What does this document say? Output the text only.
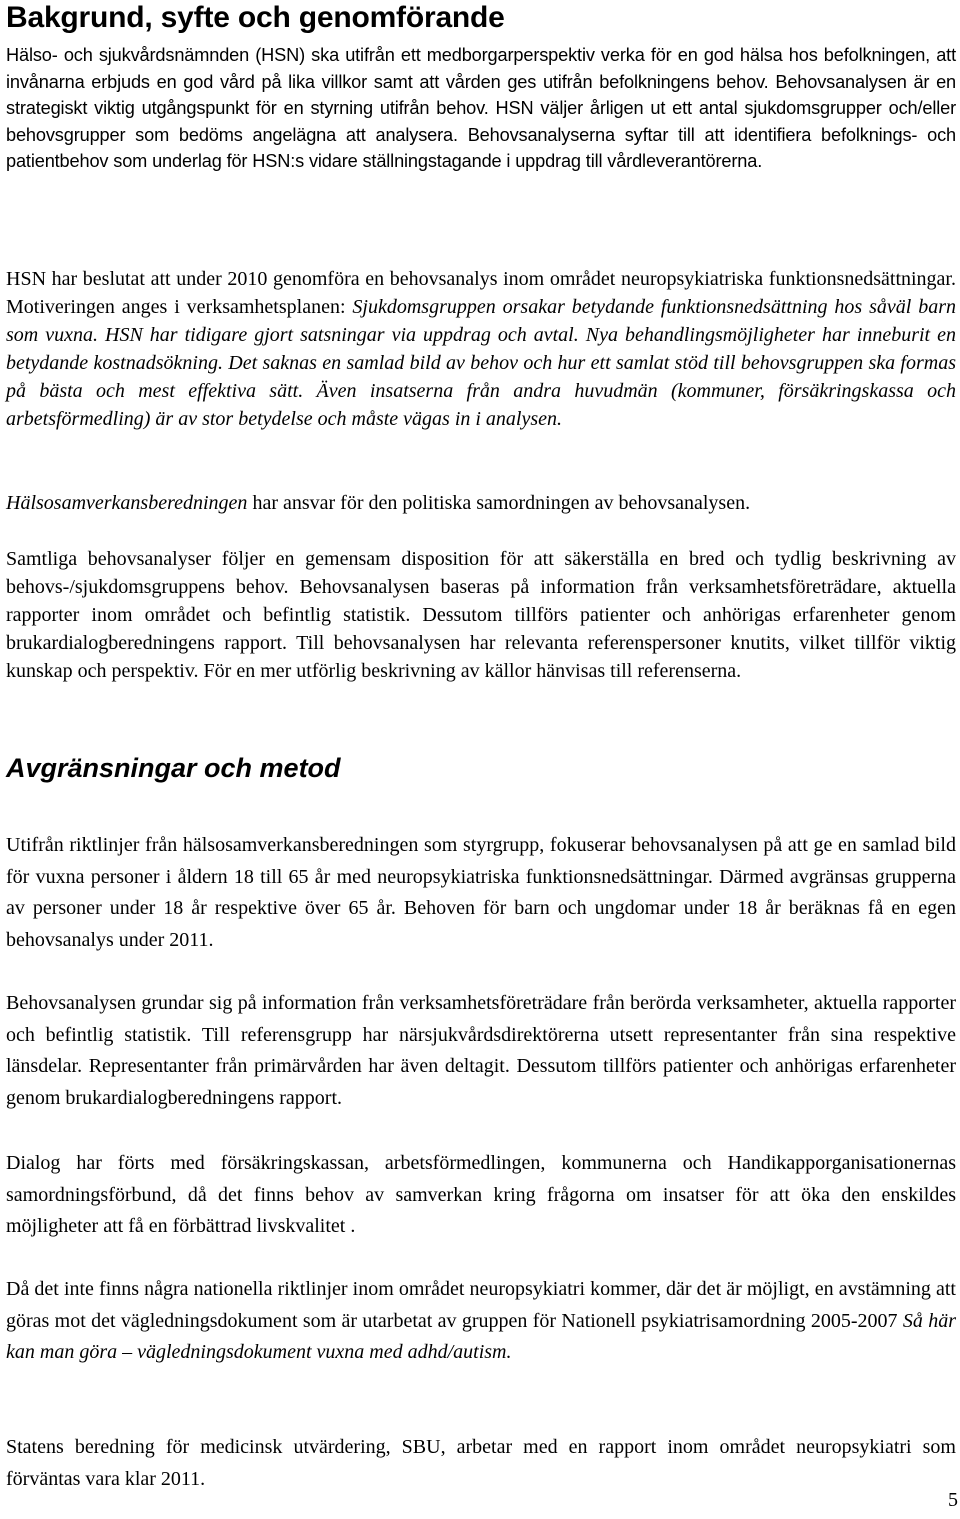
Bakgrund, syfte och genomförande

Hälso- och sjukvårdsnämnden (HSN) ska utifrån ett medborgarperspektiv verka för en god hälsa hos befolkningen, att invånarna erbjuds en god vård på lika villkor samt att vården ges utifrån befolkningens behov. Behovsanalysen är en strategiskt viktig utgångspunkt för en styrning utifrån behov. HSN väljer årligen ut ett antal sjukdomsgrupper och/eller behovsgrupper som bedöms angelägna att analysera. Behovsanalyserna syftar till att identifiera befolknings- och patientbehov som underlag för HSN:s vidare ställningstagande i uppdrag till vårdleverantörerna.

HSN har beslutat att under 2010 genomföra en behovsanalys inom området neuropsykiatriska funktionsnedsättningar. Motiveringen anges i verksamhetsplanen: Sjukdomsgruppen orsakar betydande funktionsnedsättning hos såväl barn som vuxna. HSN har tidigare gjort satsningar via uppdrag och avtal. Nya behandlingsmöjligheter har inneburit en betydande kostnadsökning. Det saknas en samlad bild av behov och hur ett samlat stöd till behovsgruppen ska formas på bästa och mest effektiva sätt. Även insatserna från andra huvudmän (kommuner, försäkringskassa och arbetsförmedling) är av stor betydelse och måste vägas in i analysen.

Hälsosamverkansberedningen har ansvar för den politiska samordningen av behovsanalysen.

Samtliga behovsanalyser följer en gemensam disposition för att säkerställa en bred och tydlig beskrivning av behovs-/sjukdomsgruppens behov. Behovsanalysen baseras på information från verksamhetsföreträdare, aktuella rapporter inom området och befintlig statistik. Dessutom tillförs patienter och anhörigas erfarenheter genom brukardialogberedningens rapport. Till behovsanalysen har relevanta referenspersoner knutits, vilket tillför viktig kunskap och perspektiv. För en mer utförlig beskrivning av källor hänvisas till referenserna.

Avgränsningar och metod

Utifrån riktlinjer från hälsosamverkansberedningen som styrgrupp, fokuserar behovsanalysen på att ge en samlad bild för vuxna personer i åldern 18 till 65 år med neuropsykiatriska funktionsnedsättningar. Därmed avgränsas grupperna av personer under 18 år respektive över 65 år. Behoven för barn och ungdomar under 18 år beräknas få en egen behovsanalys under 2011.

Behovsanalysen grundar sig på information från verksamhetsföreträdare från berörda verksamheter, aktuella rapporter och befintlig statistik. Till referensgrupp har närsjukvårdsdirektörerna utsett representanter från sina respektive länsdelar. Representanter från primärvården har även deltagit. Dessutom tillförs patienter och anhörigas erfarenheter genom brukardialogberedningens rapport.

Dialog har förts med försäkringskassan, arbetsförmedlingen, kommunerna och Handikapporganisationernas samordningsförbund, då det finns behov av samverkan kring frågorna om insatser för att öka den enskildes möjligheter att få en förbättrad livskvalitet .

Då det inte finns några nationella riktlinjer inom området neuropsykiatri kommer, där det är möjligt, en avstämning att göras mot det vägledningsdokument som är utarbetat av gruppen för Nationell psykiatrisamordning 2005-2007 Så här kan man göra – vägledningsdokument vuxna med adhd/autism.

Statens beredning för medicinsk utvärdering, SBU, arbetar med en rapport inom området neuropsykiatri som förväntas vara klar 2011.

5
